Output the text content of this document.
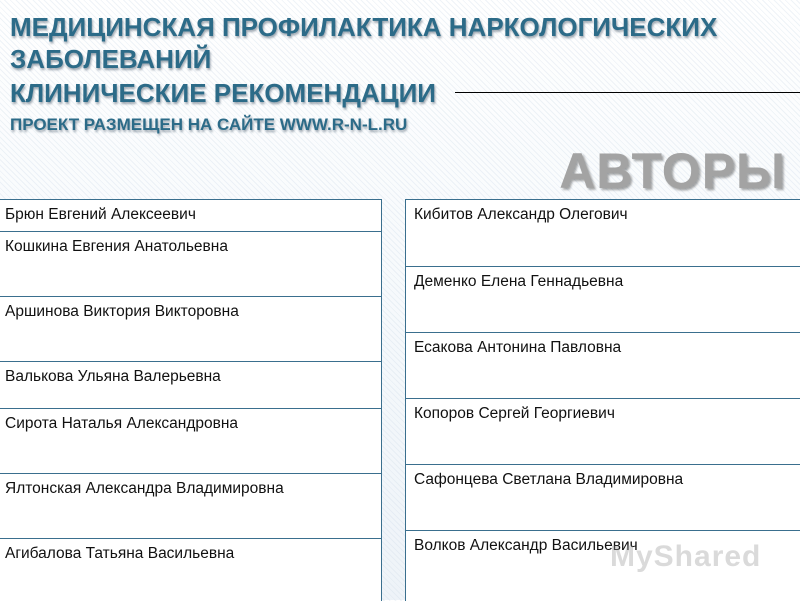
МЕДИЦИНСКАЯ ПРОФИЛАКТИКА НАРКОЛОГИЧЕСКИХ
ЗАБОЛЕВАНИЙ
КЛИНИЧЕСКИЕ РЕКОМЕНДАЦИИ
ПРОЕКТ РАЗМЕЩЕН НА САЙТЕ WWW.R-N-L.RU
АВТОРЫ
Брюн Евгений Алексеевич
Кошкина Евгения Анатольевна
Аршинова Виктория Викторовна
Валькова Ульяна Валерьевна
Сирота Наталья Александровна
Ялтонская Александра Владимировна
Агибалова Татьяна Васильевна
Кибитов Александр Олегович
Деменко Елена Геннадьевна
Есакова Антонина Павловна
Копоров Сергей Георгиевич
Сафонцева Светлана Владимировна
Волков Александр Васильевич
MyShared
